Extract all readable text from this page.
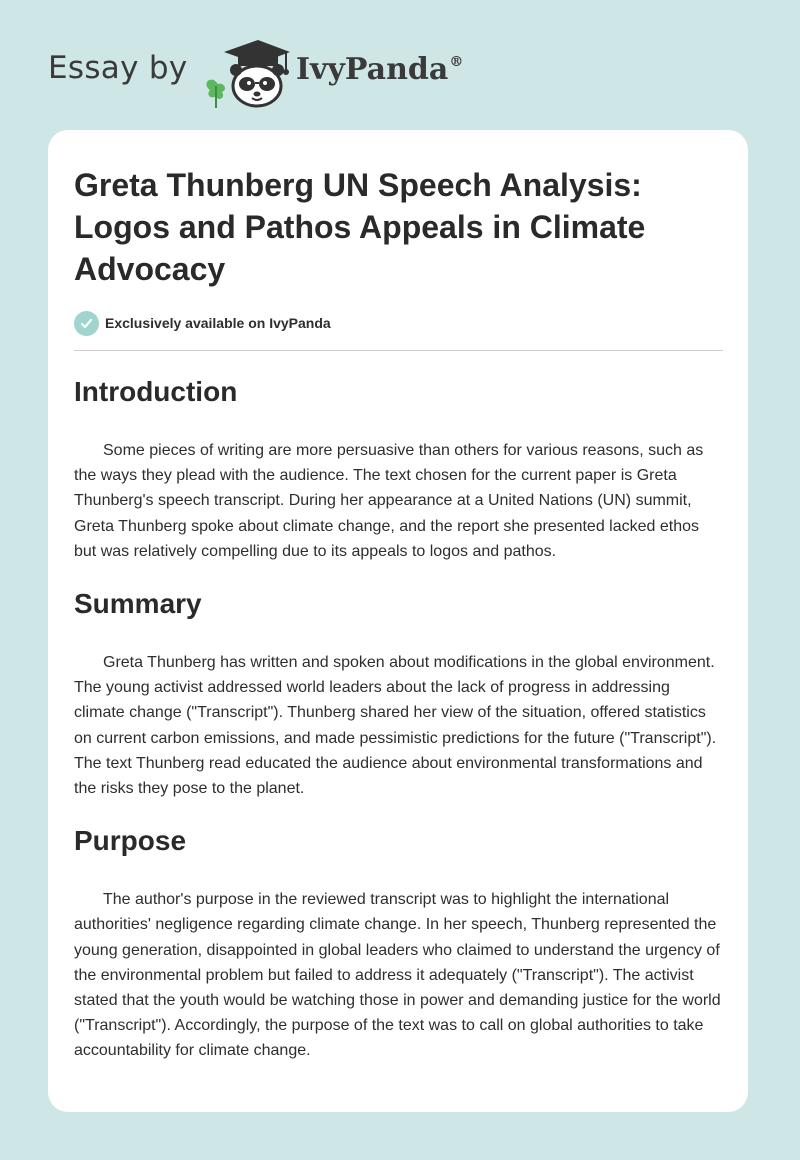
Essay by	IvyPanda®
Greta Thunberg UN Speech Analysis: Logos and Pathos Appeals in Climate Advocacy
Exclusively available on IvyPanda
Introduction

Some pieces of writing are more persuasive than others for various reasons, such as the ways they plead with the audience. The text chosen for the current paper is Greta Thunberg's speech transcript. During her appearance at a United Nations (UN) summit, Greta Thunberg spoke about climate change, and the report she presented lacked ethos but was relatively compelling due to its appeals to logos and pathos.

Summary

Greta Thunberg has written and spoken about modifications in the global environment. The young activist addressed world leaders about the lack of progress in addressing climate change ("Transcript"). Thunberg shared her view of the situation, offered statistics on current carbon emissions, and made pessimistic predictions for the future ("Transcript"). The text Thunberg read educated the audience about environmental transformations and the risks they pose to the planet.

Purpose

The author's purpose in the reviewed transcript was to highlight the international authorities' negligence regarding climate change. In her speech, Thunberg represented the young generation, disappointed in global leaders who claimed to understand the urgency of the environmental problem but failed to address it adequately ("Transcript"). The activist stated that the youth would be watching those in power and demanding justice for the world ("Transcript"). Accordingly, the purpose of the text was to call on global authorities to take accountability for climate change.
